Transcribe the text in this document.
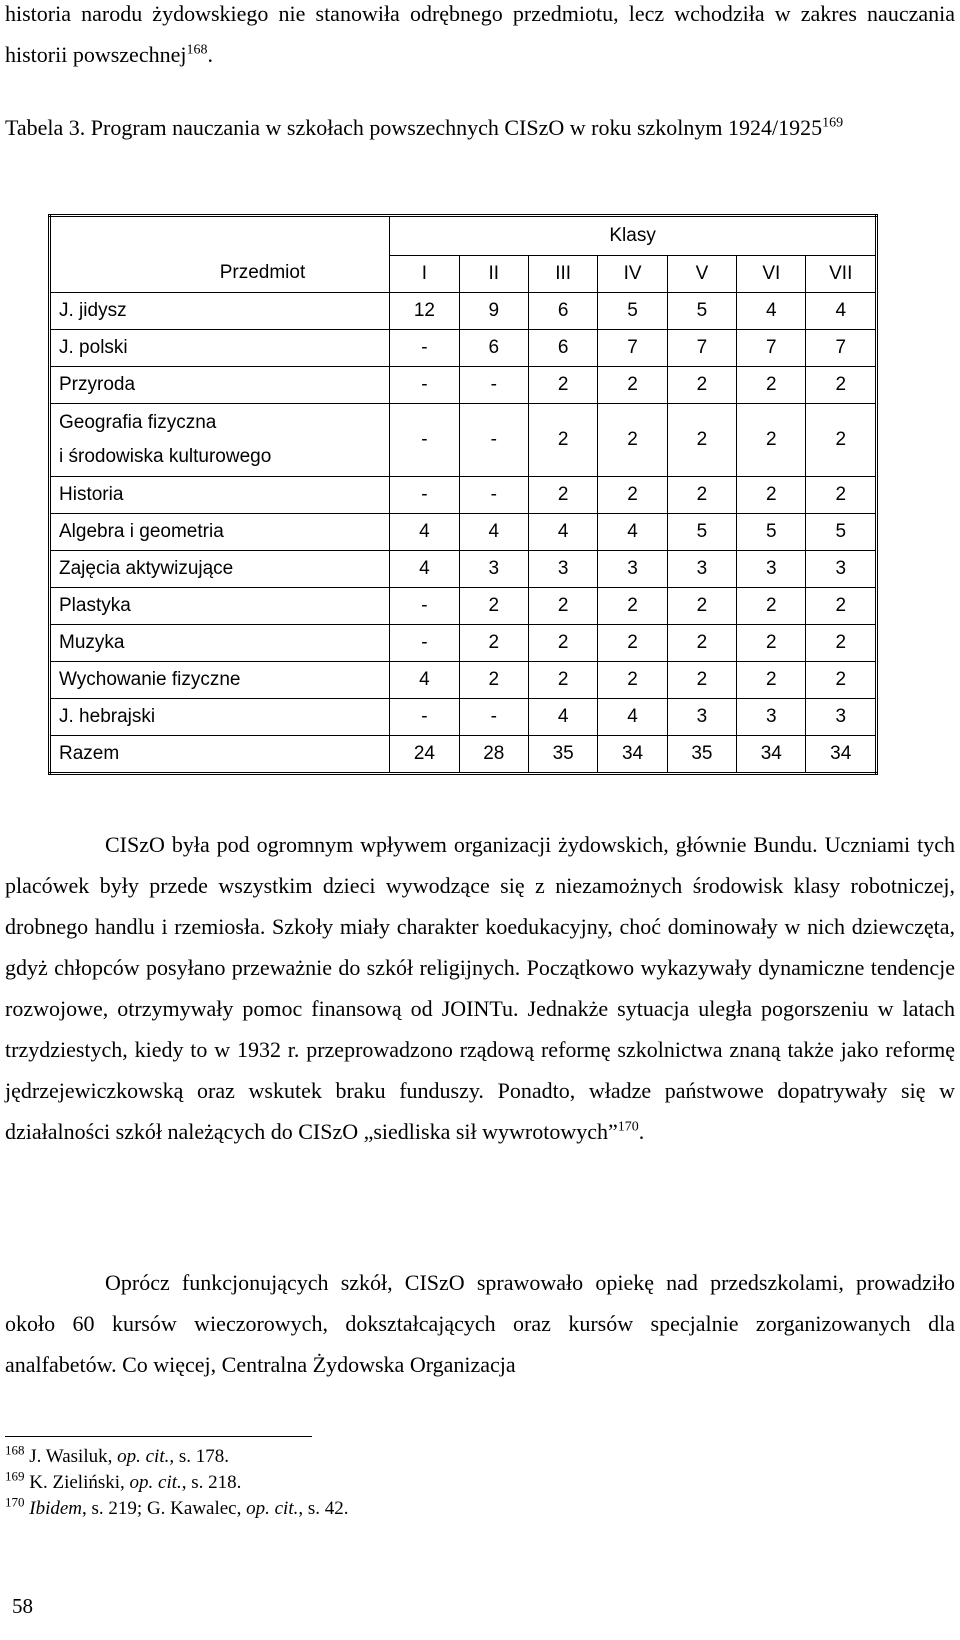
historia narodu żydowskiego nie stanowiła odrębnego przedmiotu, lecz wchodziła w zakres nauczania historii powszechnej$^{168}$.

Tabela 3. Program nauczania w szkołach powszechnych CISzO w roku szkolnym 1924/1925$^{169}$

Przedmiot	Klasy						
	I	II	III	IV	V	VI	VII
J. jidysz	12	9	6	5	5	4	4
J. polski	-	6	6	7	7	7	7
Przyroda	-	-	2	2	2	2	2

Geografia fizyczna
i środowiska kulturowego	-	-	2	2	2	2	2
Historia	-	-	2	2	2	2	2
Algebra i geometria	4	4	4	4	5	5	5
Zajęcia aktywizujące	4	3	3	3	3	3	3
Plastyka	-	2	2	2	2	2	2
Muzyka	-	2	2	2	2	2	2
Wychowanie fizyczne	4	2	2	2	2	2	2
J. hebrajski	-	-	4	4	3	3	3
Razem	24	28	35	34	35	34	34

CISzO była pod ogromnym wpływem organizacji żydowskich, głównie Bundu. Uczniami tych placówek były przede wszystkim dzieci wywodzące się z niezamożnych środowisk klasy robotniczej, drobnego handlu i rzemiosła. Szkoły miały charakter koedukacyjny, choć dominowały w nich dziewczęta, gdyż chłopców posyłano przeważnie do szkół religijnych. Początkowo wykazywały dynamiczne tendencje rozwojowe, otrzymywały pomoc finansową od JOINTu. Jednakże sytuacja uległa pogorszeniu w latach trzydziestych, kiedy to w 1932 r. przeprowadzono rządową reformę szkolnictwa znaną także jako reformę jędrzejewiczkowską oraz wskutek braku funduszy. Ponadto, władze państwowe dopatrywały się w działalności szkół należących do CISzO „siedliska sił wywrotowych”$^{170}$.

Oprócz funkcjonujących szkół, CISzO sprawowało opiekę nad przedszkolami, prowadziło około 60 kursów wieczorowych, dokształcających oraz kursów specjalnie zorganizowanych dla analfabetów. Co więcej, Centralna Żydowska Organizacja

$^{168}$ J. Wasiluk, op. cit., s. 178.
$^{169}$ K. Zieliński, op. cit., s. 218.
$^{170}$ Ibidem, s. 219; G. Kawalec, op. cit., s. 42.
58
